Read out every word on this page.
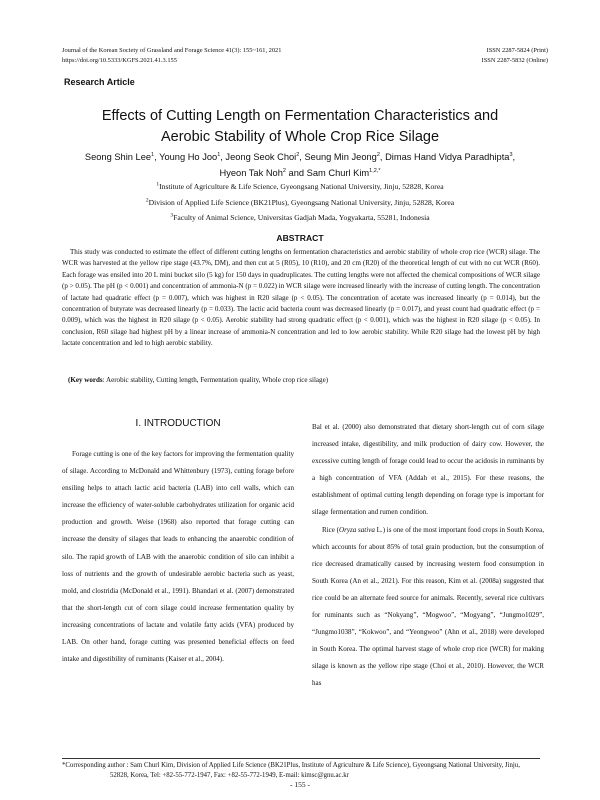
Journal of the Korean Society of Grassland and Forage Science 41(3): 155~161, 2021
https://doi.org/10.5333/KGFS.2021.41.3.155
ISSN 2287-5824 (Print)
ISSN 2287-5832 (Online)
Research Article
Effects of Cutting Length on Fermentation Characteristics and
Aerobic Stability of Whole Crop Rice Silage
Seong Shin Lee$^1$, Young Ho Joo$^1$, Jeong Seok Choi$^2$, Seung Min Jeong$^2$, Dimas Hand Vidya Paradhipta$^3$,
Hyeon Tak Noh$^2$ and Sam Churl Kim$^{1,2,*}$
$^1$Institute of Agriculture & Life Science, Gyeongsang National University, Jinju, 52828, Korea
$^2$Division of Applied Life Science (BK21Plus), Gyeongsang National University, Jinju, 52828, Korea
$^3$Faculty of Animal Science, Universitas Gadjah Mada, Yogyakarta, 55281, Indonesia
ABSTRACT

This study was conducted to estimate the effect of different cutting lengths on fermentation characteristics and aerobic stability of whole crop rice (WCR) silage. The WCR was harvested at the yellow ripe stage (43.7%, DM), and then cut at 5 (R05), 10 (R10), and 20 cm (R20) of the theoretical length of cut with no cut WCR (R60). Each forage was ensiled into 20 L mini bucket silo (5 kg) for 150 days in quadruplicates. The cutting lengths were not affected the chemical compositions of WCR silage (p > 0.05). The pH (p < 0.001) and concentration of ammonia-N (p = 0.022) in WCR silage were increased linearly with the increase of cutting length. The concentration of lactate had quadratic effect (p = 0.007), which was highest in R20 silage (p < 0.05). The concentration of acetate was increased linearly (p = 0.014), but the concentration of butyrate was decreased linearly (p = 0.033). The lactic acid bacteria count was decreased linearly (p = 0.017), and yeast count had quadratic effect (p = 0.009), which was the highest in R20 silage (p < 0.05). Aerobic stability had strong quadratic effect (p < 0.001), which was the highest in R20 silage (p < 0.05). In conclusion, R60 silage had highest pH by a linear increase of ammonia-N concentration and led to low aerobic stability. While R20 silage had the lowest pH by high lactate concentration and led to high aerobic stability.

(Key words: Aerobic stability, Cutting length, Fermentation quality, Whole crop rice silage)
Ⅰ. INTRODUCTION

Forage cutting is one of the key factors for improving the fermentation quality of silage. According to McDonald and Whittenbury (1973), cutting forage before ensiling helps to attach lactic acid bacteria (LAB) into cell walls, which can increase the efficiency of water-soluble carbohydrates utilization for organic acid production and growth. Weise (1968) also reported that forage cutting can increase the density of silages that leads to enhancing the anaerobic condition of silo. The rapid growth of LAB with the anaerobic condition of silo can inhibit a loss of nutrients and the growth of undesirable aerobic bacteria such as yeast, mold, and clostridia (McDonald et al., 1991). Bhandari et al. (2007) demonstrated that the short-length cut of corn silage could increase fermentation quality by increasing concentrations of lactate and volatile fatty acids (VFA) produced by LAB. On other hand, forage cutting was presented beneficial effects on feed intake and digestibility of ruminants (Kaiser et al., 2004).

Bal et al. (2000) also demonstrated that dietary short-length cut of corn silage increased intake, digestibility, and milk production of dairy cow. However, the excessive cutting length of forage could lead to occur the acidosis in ruminants by a high concentration of VFA (Addah et al., 2015). For these reasons, the establishment of optimal cutting length depending on forage type is important for silage fermentation and rumen condition.

Rice (Oryza sativa L.) is one of the most important food crops in South Korea, which accounts for about 85% of total grain production, but the consumption of rice decreased dramatically caused by increasing western food consumption in South Korea (An et al., 2021). For this reason, Kim et al. (2008a) suggested that rice could be an alternate feed source for animals. Recently, several rice cultivars for ruminants such as “Nokyang”, “Mogwoo”, “Mogyang”, “Jungmo1029”, “Jungmo1038”, “Kokwoo”, and “Yeongwoo” (Ahn et al., 2018) were developed in South Korea. The optimal harvest stage of whole crop rice (WCR) for making silage is known as the yellow ripe stage (Choi et al., 2010). However, the WCR has

*Corresponding author : Sam Churl Kim, Division of Applied Life Science (BK21Plus, Institute of Agriculture & Life Science), Gyeongsang National University, Jinju, 52828, Korea, Tel: +82-55-772-1947, Fax: +82-55-772-1949, E-mail: kimsc@gnu.ac.kr
- 155 -
